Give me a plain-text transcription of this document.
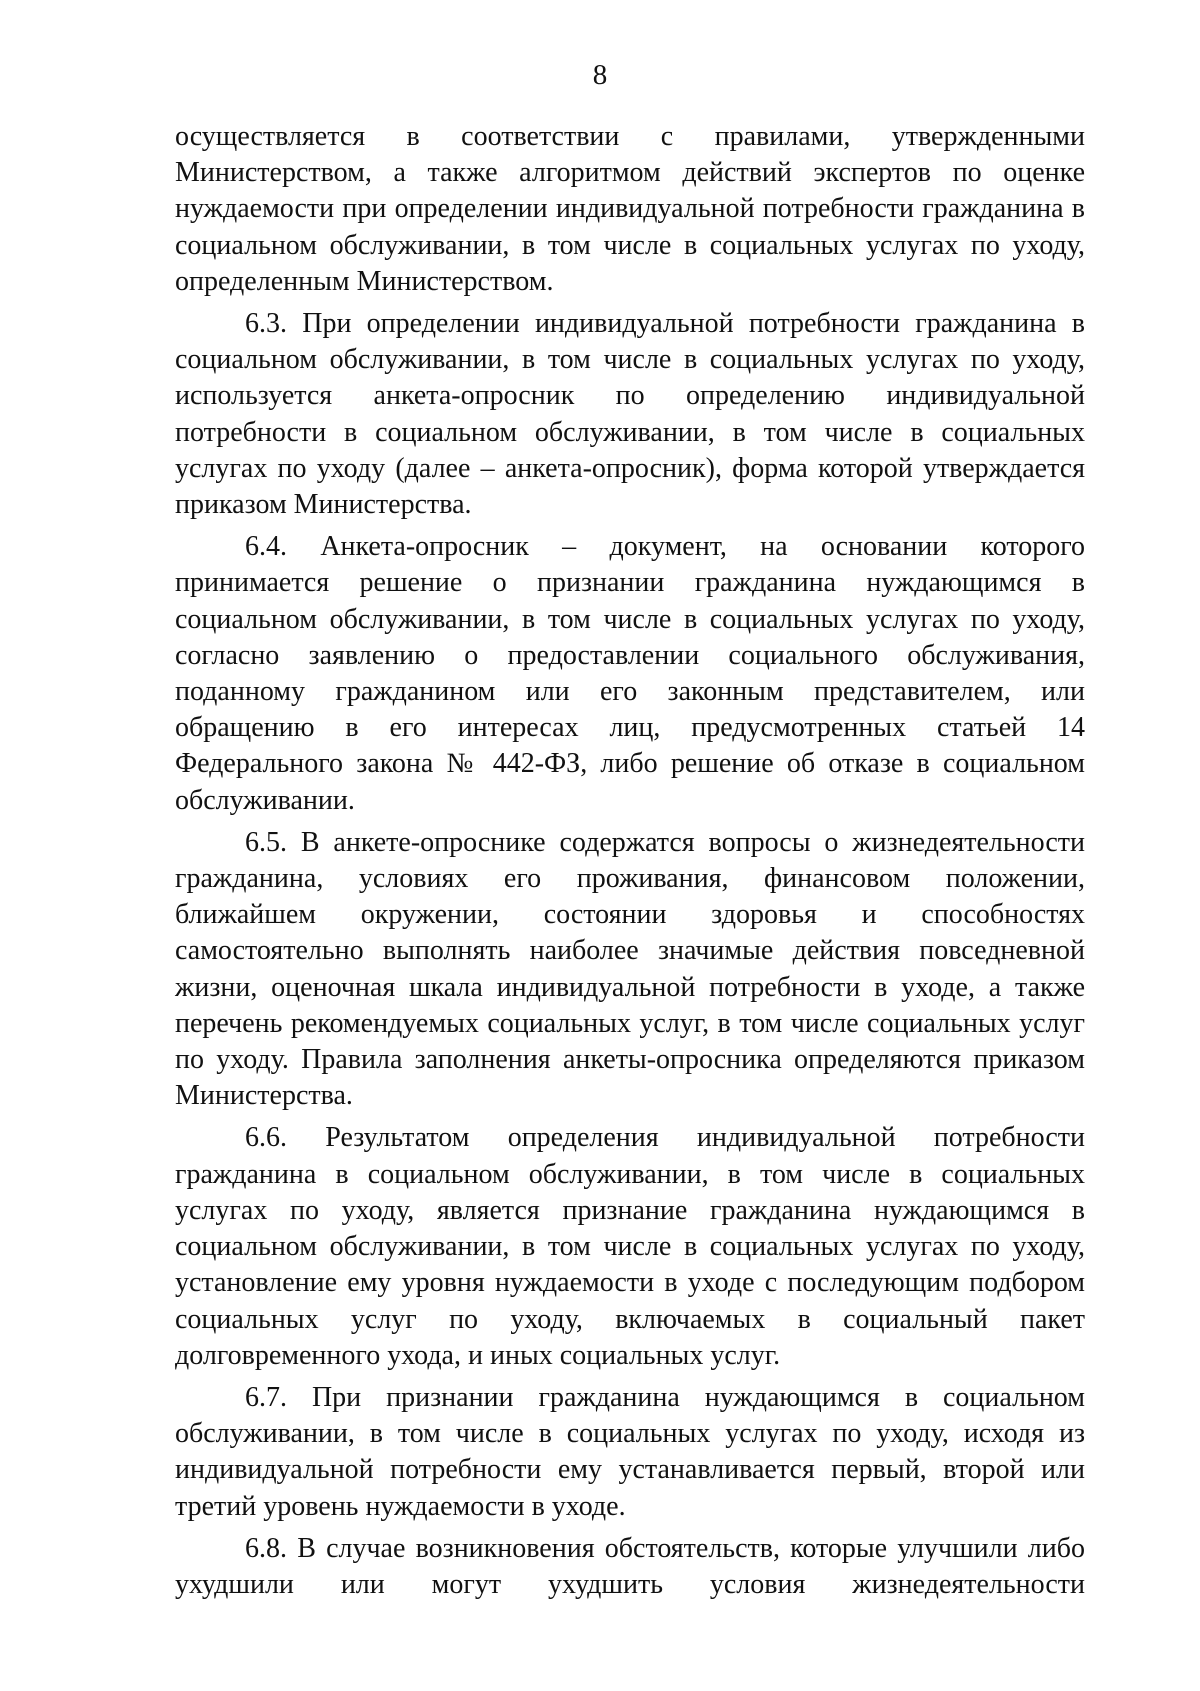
8

осуществляется в соответствии с правилами, утвержденными Министерством, а также алгоритмом действий экспертов по оценке нуждаемости при определении индивидуальной потребности гражданина в социальном обслуживании, в том числе в социальных услугах по уходу, определенным Министерством.

6.3. При определении индивидуальной потребности гражданина в социальном обслуживании, в том числе в социальных услугах по уходу, используется анкета-опросник по определению индивидуальной потребности в социальном обслуживании, в том числе в социальных услугах по уходу (далее – анкета-опросник), форма которой утверждается приказом Министерства.

6.4. Анкета-опросник – документ, на основании которого принимается решение о признании гражданина нуждающимся в социальном обслуживании, в том числе в социальных услугах по уходу, согласно заявлению о предоставлении социального обслуживания, поданному гражданином или его законным представителем, или обращению в его интересах лиц, предусмотренных статьей 14 Федерального закона № 442-ФЗ, либо решение об отказе в социальном обслуживании.

6.5. В анкете-опроснике содержатся вопросы о жизнедеятельности гражданина, условиях его проживания, финансовом положении, ближайшем окружении, состоянии здоровья и способностях самостоятельно выполнять наиболее значимые действия повседневной жизни, оценочная шкала индивидуальной потребности в уходе, а также перечень рекомендуемых социальных услуг, в том числе социальных услуг по уходу. Правила заполнения анкеты-опросника определяются приказом Министерства.

6.6. Результатом определения индивидуальной потребности гражданина в социальном обслуживании, в том числе в социальных услугах по уходу, является признание гражданина нуждающимся в социальном обслуживании, в том числе в социальных услугах по уходу, установление ему уровня нуждаемости в уходе с последующим подбором социальных услуг по уходу, включаемых в социальный пакет долговременного ухода, и иных социальных услуг.

6.7. При признании гражданина нуждающимся в социальном обслуживании, в том числе в социальных услугах по уходу, исходя из индивидуальной потребности ему устанавливается первый, второй или третий уровень нуждаемости в уходе.

6.8. В случае возникновения обстоятельств, которые улучшили либо ухудшили или могут ухудшить условия жизнедеятельности
